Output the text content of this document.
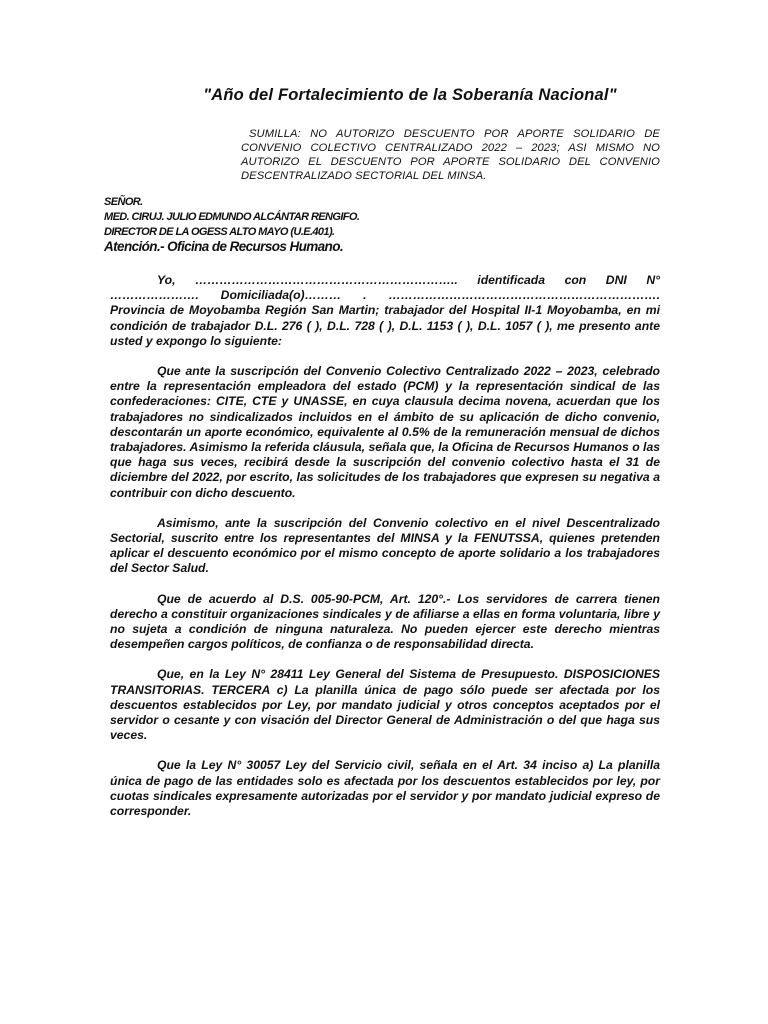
"Año del Fortalecimiento de la Soberanía Nacional"
SUMILLA: NO AUTORIZO DESCUENTO POR APORTE SOLIDARIO DE CONVENIO COLECTIVO CENTRALIZADO 2022 – 2023; ASI MISMO NO AUTORIZO EL DESCUENTO POR APORTE SOLIDARIO DEL CONVENIO DESCENTRALIZADO SECTORIAL DEL MINSA.
SEÑOR.
MED. CIRUJ. JULIO EDMUNDO ALCÁNTAR RENGIFO.
DIRECTOR DE LA OGESS ALTO MAYO (U.E.401).
Atención.- Oficina de Recursos Humano.

Yo, ……………………………………………………….. identificada con DNI N° …………………. Domiciliada(o)……… . …………………………………………………………. Provincia de Moyobamba Región San Martin; trabajador del Hospital II-1 Moyobamba, en mi condición de trabajador D.L. 276 ( ), D.L. 728 ( ), D.L. 1153 ( ), D.L. 1057 ( ), me presento ante usted y expongo lo siguiente:

Que ante la suscripción del Convenio Colectivo Centralizado 2022 – 2023, celebrado entre la representación empleadora del estado (PCM) y la representación sindical de las confederaciones: CITE, CTE y UNASSE, en cuya clausula decima novena, acuerdan que los trabajadores no sindicalizados incluidos en el ámbito de su aplicación de dicho convenio, descontarán un aporte económico, equivalente al 0.5% de la remuneración mensual de dichos trabajadores. Asimismo la referida cláusula, señala que, la Oficina de Recursos Humanos o las que haga sus veces, recibirá desde la suscripción del convenio colectivo hasta el 31 de diciembre del 2022, por escrito, las solicitudes de los trabajadores que expresen su negativa a contribuir con dicho descuento.

Asimismo, ante la suscripción del Convenio colectivo en el nivel Descentralizado Sectorial, suscrito entre los representantes del MINSA y la FENUTSSA, quienes pretenden aplicar el descuento económico por el mismo concepto de aporte solidario a los trabajadores del Sector Salud.

Que de acuerdo al D.S. 005-90-PCM, Art. 120°.- Los servidores de carrera tienen derecho a constituir organizaciones sindicales y de afiliarse a ellas en forma voluntaria, libre y no sujeta a condición de ninguna naturaleza. No pueden ejercer este derecho mientras desempeñen cargos políticos, de confianza o de responsabilidad directa.

Que, en la Ley N° 28411 Ley General del Sistema de Presupuesto. DISPOSICIONES TRANSITORIAS. TERCERA c) La planilla única de pago sólo puede ser afectada por los descuentos establecidos por Ley, por mandato judicial y otros conceptos aceptados por el servidor o cesante y con visación del Director General de Administración o del que haga sus veces.

Que la Ley N° 30057 Ley del Servicio civil, señala en el Art. 34 inciso a) La planilla única de pago de las entidades solo es afectada por los descuentos establecidos por ley, por cuotas sindicales expresamente autorizadas por el servidor y por mandato judicial expreso de corresponder.
